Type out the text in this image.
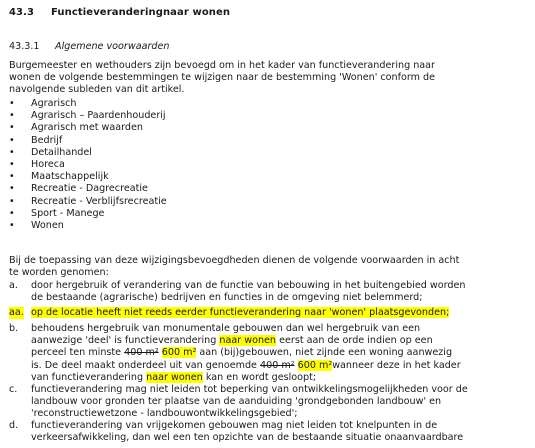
43.3 Functieveranderingnaar wonen
43.3.1 Algemene voorwaarden
Burgemeester en wethouders zijn bevoegd om in het kader van functieverandering naar
wonen de volgende bestemmingen te wijzigen naar de bestemming 'Wonen' conform de
navolgende subleden van dit artikel.
• Agrarisch
• Agrarisch – Paardenhouderij
• Agrarisch met waarden
• Bedrijf
• Detailhandel
• Horeca
• Maatschappelijk
• Recreatie - Dagrecreatie
• Recreatie - Verblijfsrecreatie
• Sport - Manege
• Wonen
Bij de toepassing van deze wijzigingsbevoegdheden dienen de volgende voorwaarden in acht
te worden genomen:
a. door hergebruik of verandering van de functie van bebouwing in het buitengebied worden
de bestaande (agrarische) bedrijven en functies in de omgeving niet belemmerd;
aa. op de locatie heeft niet reeds eerder functieverandering naar 'wonen' plaatsgevonden;
b. behoudens hergebruik van monumentale gebouwen dan wel hergebruik van een
aanwezige 'deel' is functieverandering naar wonen eerst aan de orde indien op een
perceel ten minste 400 m² 600 m² aan (bij)gebouwen, niet zijnde een woning aanwezig
is. De deel maakt onderdeel uit van genoemde 400 m² 600 m²wanneer deze in het kader
van functieverandering naar wonen kan en wordt gesloopt;
c. functieverandering mag niet leiden tot beperking van ontwikkelingsmogelijkheden voor de
landbouw voor gronden ter plaatse van de aanduiding 'grondgebonden landbouw' en
'reconstructiewetzone - landbouwontwikkelingsgebied';
d. functieverandering van vrijgekomen gebouwen mag niet leiden tot knelpunten in de
verkeersafwikkeling, dan wel een ten opzichte van de bestaande situatie onaanvaardbare
